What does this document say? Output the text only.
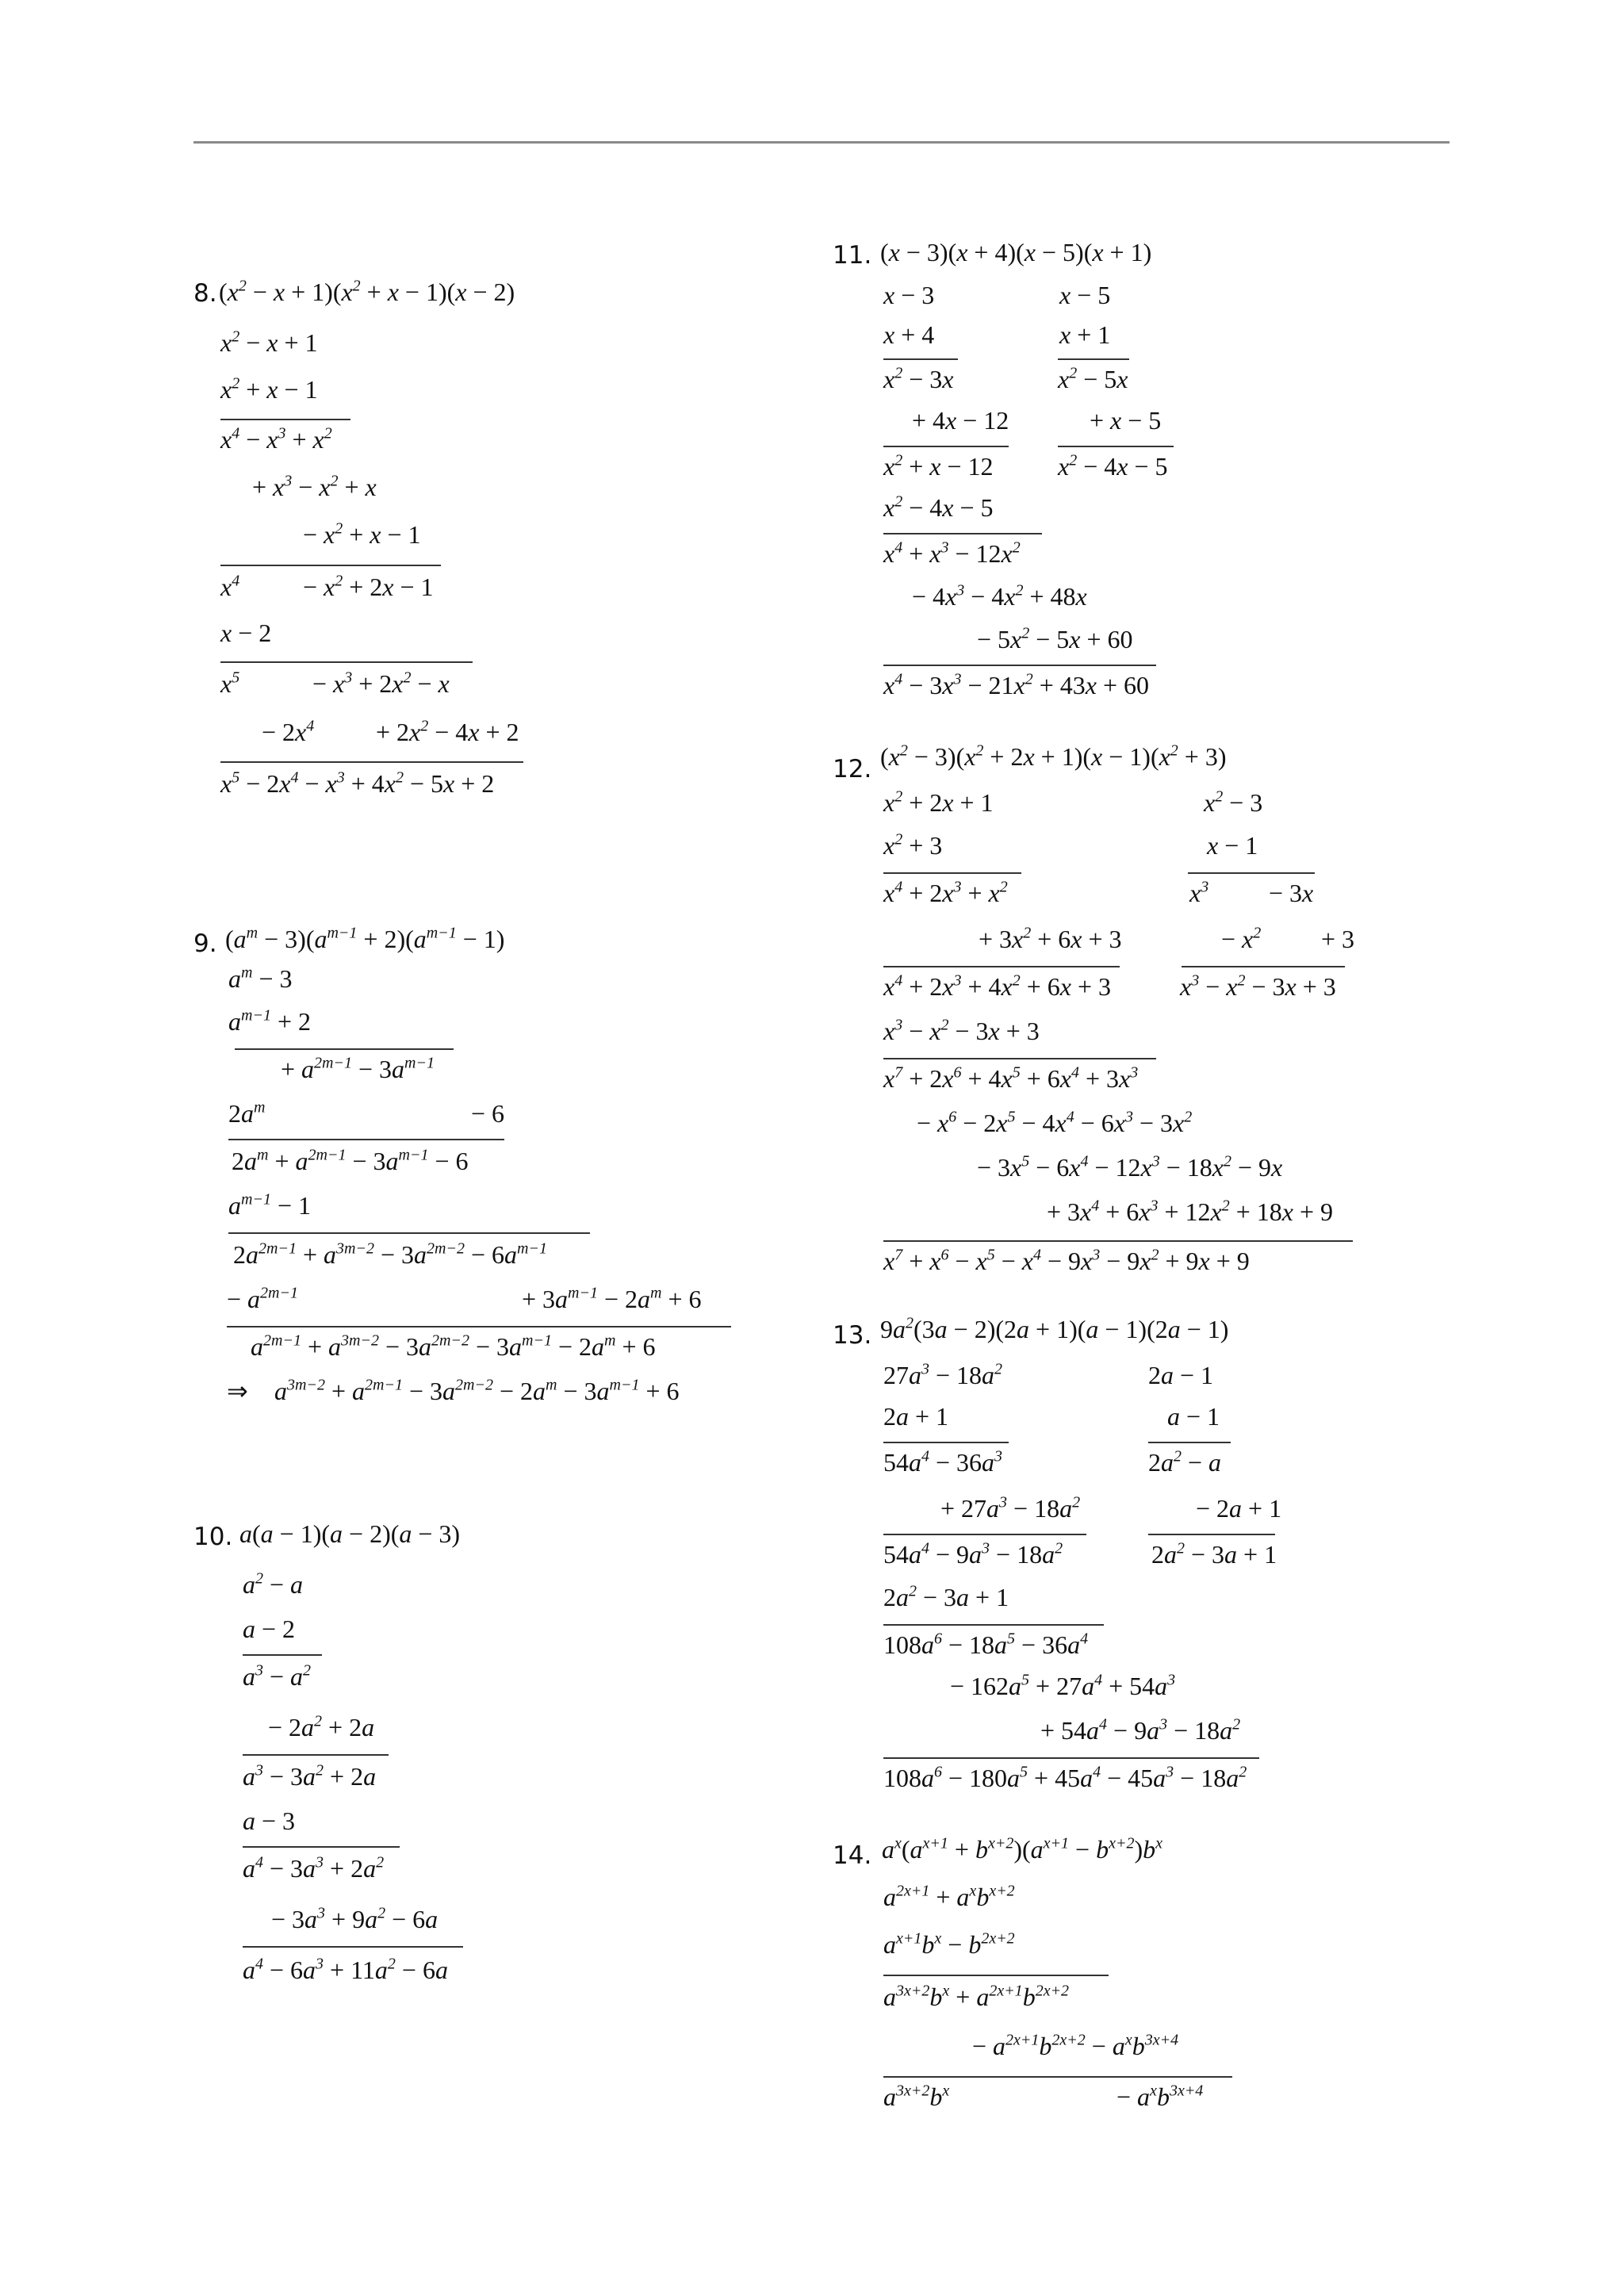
8. $(x^2 - x + 1)(x^2 + x - 1)(x - 2)$
$x^2 - x + 1$
$x^2 + x - 1$
$x^4 - x^3 + x^2$
+ $x^3 - x^2 + x$
− $x^2 + x - 1$
$x^4 - x^2 + 2x - 1$
x − 2
$x^5$	− $x^3 + 2x^2 - x$
− $2x^4 + 2x^2 - 4x + 2$
$x^5 - 2x^4 - x^3 + 4x^2 - 5x + 2$
9. $(a^m - 3)(a^{m-1} + 2)(a^{m-1} - 1)$
$a^m - 3$
$a^{m-1} + 2$
+ $a^{2m-1} - 3a^{m-1}$
$2a^m$	− 6
$2a^m + a^{2m-1} - 3a^{m-1} - 6$
$a^{m-1} - 1$
$2a^{2m-1} + a^{3m-2} - 3a^{2m-2} - 6a^{m-1}$
− $a^{2m-1}$	+ $3a^{m-1} - 2a^m + 6$
$a^{2m-1} + a^{3m-2} - 3a^{2m-2} - 3a^{m-1} - 2a^m + 6$
⇒ $a^{3m-2} + a^{2m-1} - 3a^{2m-2} - 2a^m - 3a^{m-1} + 6$
10. a(a − 1)(a − 2)(a − 3)
$a^2 - a$
a − 2
$a^3 - a^2$
− $2a^2 + 2a$
$a^3 - 3a^2 + 2a$
a − 3
$a^4 - 3a^3 + 2a^2$
− $3a^3 + 9a^2 - 6a$
$a^4 - 6a^3 + 11a^2 - 6a$
11. (x − 3)(x + 4)(x − 5)(x + 1)
x − 3	x − 5
x + 4	x + 1
$x^2 - 3x$	$x^2 - 5x$
+ 4x − 12	+ x − 5
$x^2 + x - 12$	$x^2 - 4x - 5$
$x^2 - 4x - 5$
$x^4 + x^3 - 12x^2$
− $4x^3 - 4x^2 + 48x$
− $5x^2 - 5x + 60$
$x^4 - 3x^3 - 21x^2 + 43x + 60$
12. $(x^2 - 3)(x^2 + 2x + 1)(x - 1)(x^2 + 3)$
$x^2 + 2x + 1$	$x^2 - 3$
$x^2 + 3$	x − 1
$x^4 + 2x^3 + x^2$	$x^3 - 3x$
+ $3x^2 + 6x + 3$	− $x^2 + 3$
$x^4 + 2x^3 + 4x^2 + 6x + 3$	$x^3 - x^2 - 3x + 3$
$x^3 - x^2 - 3x + 3$
$x^7 + 2x^6 + 4x^5 + 6x^4 + 3x^3$
− $x^6 - 2x^5 - 4x^4 - 6x^3 - 3x^2$
− $3x^5 - 6x^4 - 12x^3 - 18x^2 - 9x$
+ $3x^4 + 6x^3 + 12x^2 + 18x + 9$
$x^7 + x^6 - x^5 - x^4 - 9x^3 - 9x^2 + 9x + 9$
13. $9a^2(3a - 2)(2a + 1)(a - 1)(2a - 1)$
$27a^3 - 18a^2$	2a − 1
2a + 1	a − 1
$54a^4 - 36a^3$	$2a^2 - a$
+ $27a^3 - 18a^2$	− 2a + 1
$54a^4 - 9a^3 - 18a^2$	$2a^2 - 3a + 1$
$2a^2 - 3a + 1$
$108a^6 - 18a^5 - 36a^4$
− $162a^5 + 27a^4 + 54a^3$
+ $54a^4 - 9a^3 - 18a^2$
$108a^6 - 180a^5 + 45a^4 - 45a^3 - 18a^2$
14. $a^x(a^{x+1} + b^{x+2})(a^{x+1} - b^{x+2})b^x$
$a^{2x+1} + a^xb^{x+2}$
$a^{x+1}b^x - b^{2x+2}$
$a^{3x+2}b^x + a^{2x+1}b^{2x+2}$
− $a^{2x+1}b^{2x+2} - a^xb^{3x+4}$
$a^{3x+2}b^x$	− $a^xb^{3x+4}$
